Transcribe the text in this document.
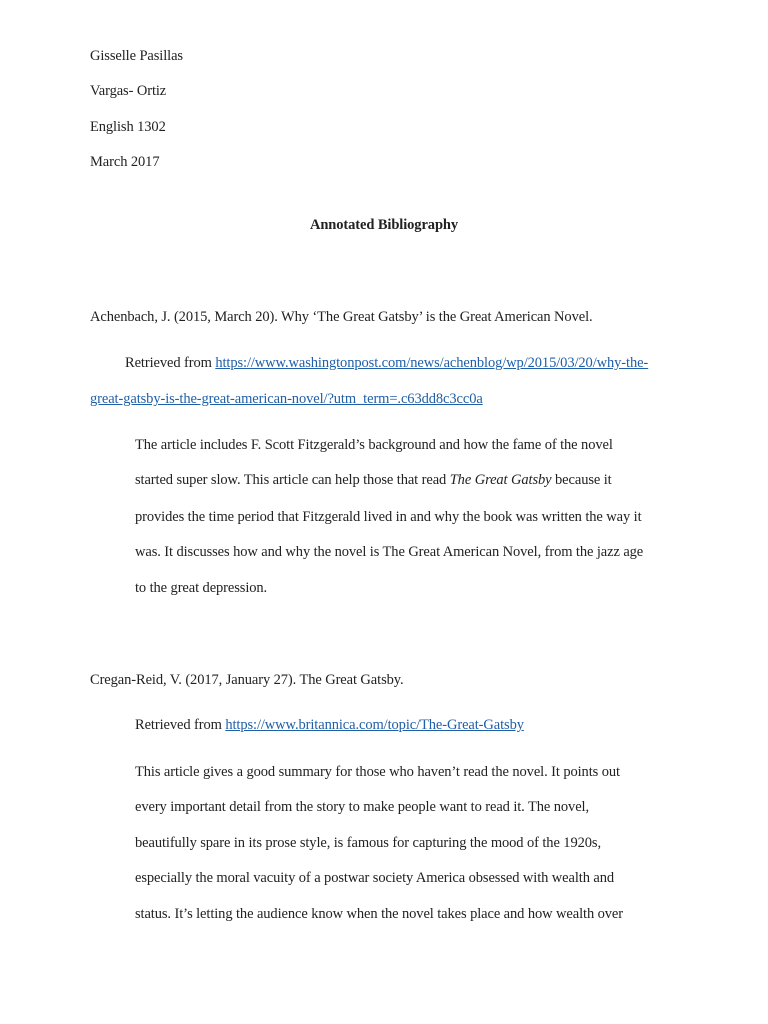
Gisselle Pasillas
Vargas- Ortiz
English 1302
March 2017
Annotated Bibliography
Achenbach, J. (2015, March 20). Why ‘The Great Gatsby’ is the Great American Novel.
Retrieved from https://www.washingtonpost.com/news/achenblog/wp/2015/03/20/why-the-
great-gatsby-is-the-great-american-novel/?utm_term=.c63dd8c3cc0a
The article includes F. Scott Fitzgerald’s background and how the fame of the novel
started super slow. This article can help those that read The Great Gatsby because it
provides the time period that Fitzgerald lived in and why the book was written the way it
was. It discusses how and why the novel is The Great American Novel, from the jazz age
to the great depression.
Cregan-Reid, V. (2017, January 27). The Great Gatsby.
Retrieved from https://www.britannica.com/topic/The-Great-Gatsby
This article gives a good summary for those who haven’t read the novel. It points out
every important detail from the story to make people want to read it. The novel,
beautifully spare in its prose style, is famous for capturing the mood of the 1920s,
especially the moral vacuity of a postwar society America obsessed with wealth and
status. It’s letting the audience know when the novel takes place and how wealth over
